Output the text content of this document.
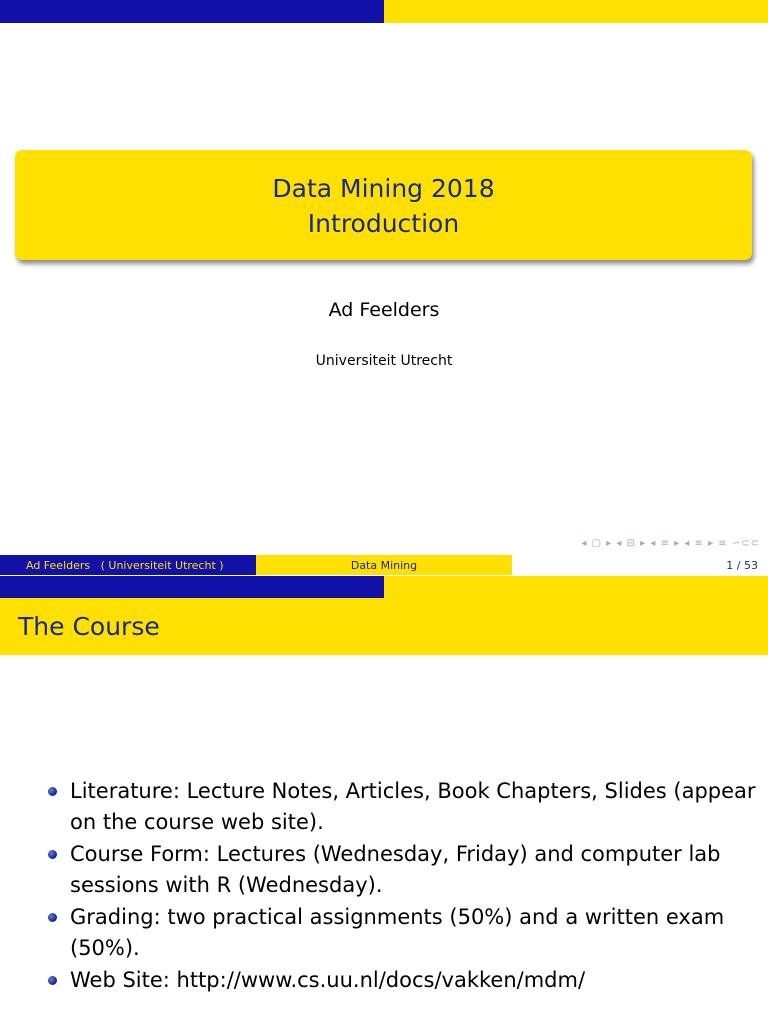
Data Mining 2018
Introduction
Ad Feelders
Universiteit Utrecht
◂ ▢ ▸ ◂ ⊟ ▸ ◂ ≡ ▸ ◂ ≡ ▸ ≡ ∽⊂⊂
Ad Feelders   ( Universiteit Utrecht )	Data Mining	1 / 53
The Course
Literature: Lecture Notes, Articles, Book Chapters, Slides (appear on the course web site).
Course Form: Lectures (Wednesday, Friday) and computer lab sessions with R (Wednesday).
Grading: two practical assignments (50%) and a written exam (50%).
Web Site: http://www.cs.uu.nl/docs/vakken/mdm/
